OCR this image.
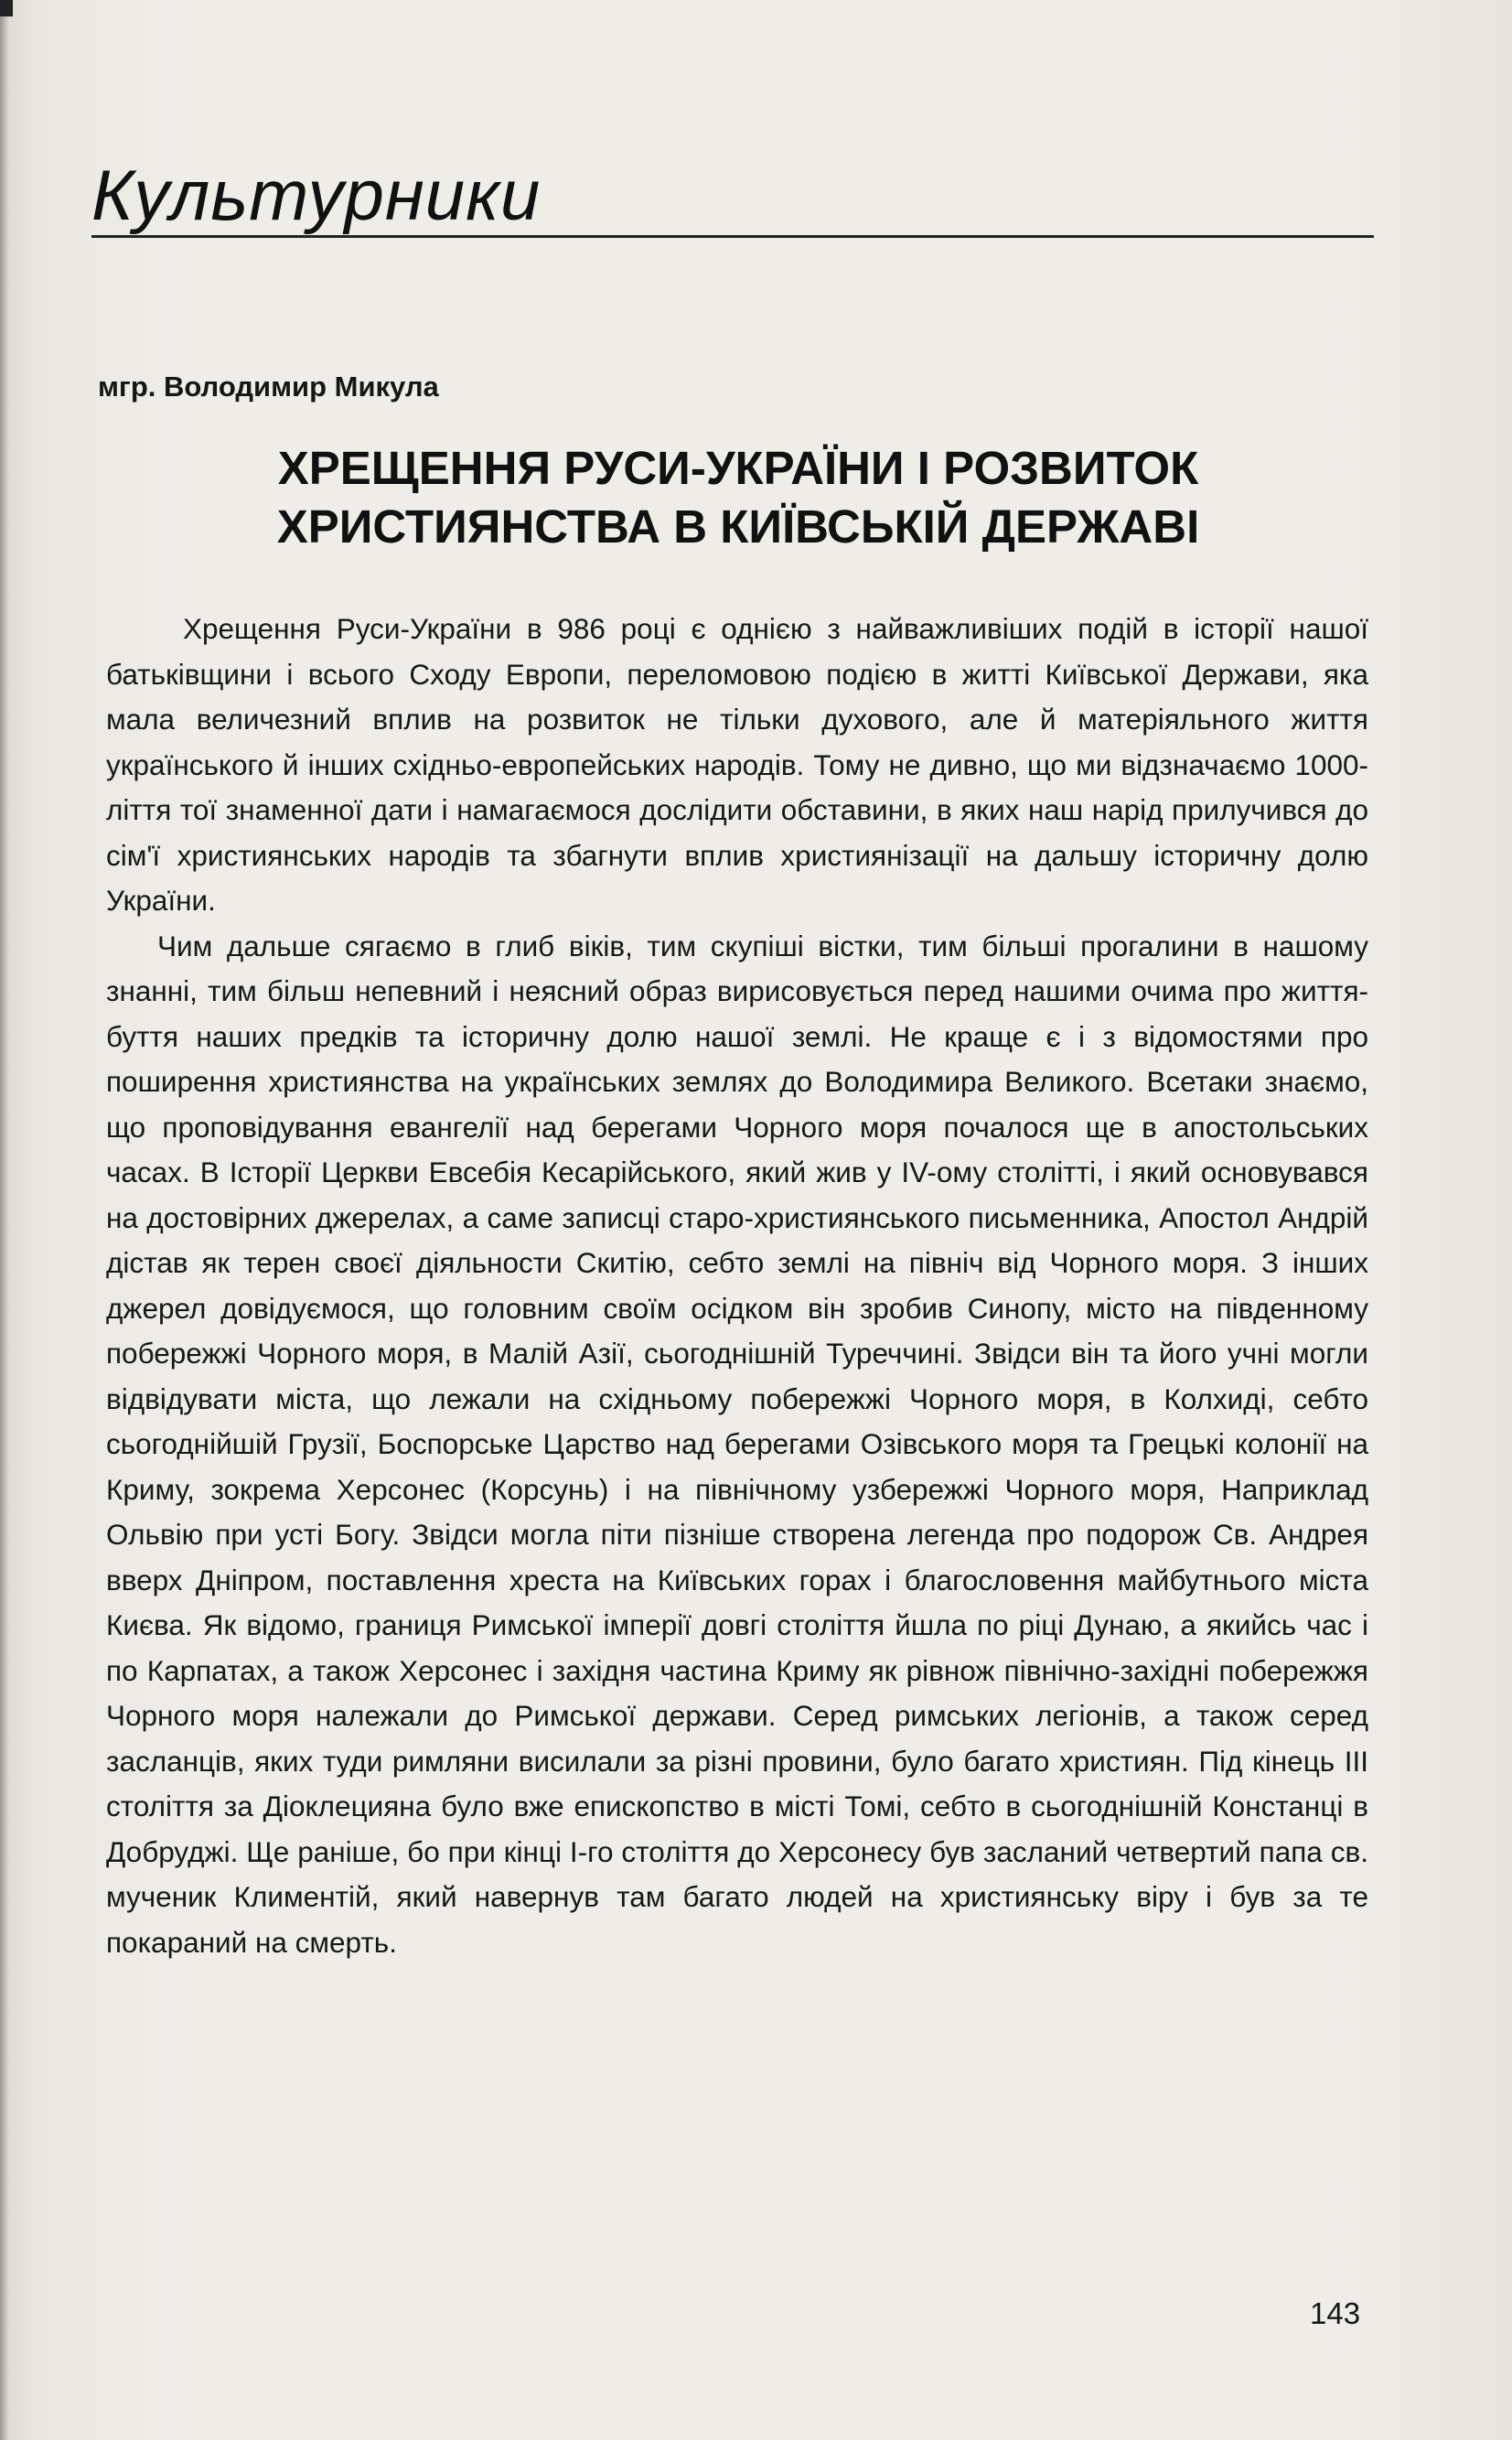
Культурники
мгр. Володимир Микула
ХРЕЩЕННЯ РУСИ-УКРАЇНИ І РОЗВИТОК
ХРИСТИЯНСТВА В КИЇВСЬКІЙ ДЕРЖАВІ

Хрещення Руси-України в 986 році є однією з найважливіших подій в історії нашої батьківщини і всього Сходу Европи, переломовою подією в житті Київської Держави, яка мала величезний вплив на розвиток не тільки духового, але й матеріяльного життя українського й інших східньо-европейських народів. Тому не дивно, що ми відзначаємо 1000-ліття тої знаменної дати і намагаємося дослідити обставини, в яких наш нарід прилучився до сім'ї християнських народів та збагнути вплив християнізації на дальшу історичну долю України.

Чим дальше сягаємо в глиб віків, тим скупіші вістки, тим більші прогалини в нашому знанні, тим більш непевний і неясний образ вирисовується перед нашими очима про життя-буття наших предків та історичну долю нашої землі. Не краще є і з відомостями про поширення християнства на українських землях до Володимира Великого. Всетаки знаємо, що проповідування евангелії над берегами Чорного моря почалося ще в апостольських часах. В Історії Церкви Евсебія Кесарійського, який жив у IV-ому столітті, і який основувався на достовірних джерелах, а саме записці старо-християнського письменника, Апостол Андрій дістав як терен своєї діяльности Скитію, себто землі на північ від Чорного моря. З інших джерел довідуємося, що головним своїм осідком він зробив Синопу, місто на південному побережжі Чорного моря, в Малій Азії, сьогоднішній Туреччині. Звідси він та його учні могли відвідувати міста, що лежали на східньому побережжі Чорного моря, в Колхиді, себто сьогоднійшій Грузії, Боспорське Царство над берегами Озівського моря та Грецькі колонії на Криму, зокрема Херсонес (Корсунь) і на північному узбережжі Чорного моря, Наприклад Ольвію при усті Богу. Звідси могла піти пізніше створена легенда про подорож Св. Андрея вверх Дніпром, поставлення хреста на Київських горах і благословення майбутнього міста Києва. Як відомо, границя Римської імперії довгі століття йшла по ріці Дунаю, а якийсь час і по Карпатах, а також Херсонес і західня частина Криму як рівнож північно-західні побережжя Чорного моря належали до Римської держави. Серед римських легіонів, а також серед засланців, яких туди римляни висилали за різні провини, було багато християн. Під кінець III століття за Діоклецияна було вже епископство в місті Томі, себто в сьогоднішній Констанці в Добруджі. Ще раніше, бо при кінці I-го століття до Херсонесу був засланий четвертий папа св. мученик Климентій, який навернув там багато людей на християнську віру і був за те покараний на смерть.

143
